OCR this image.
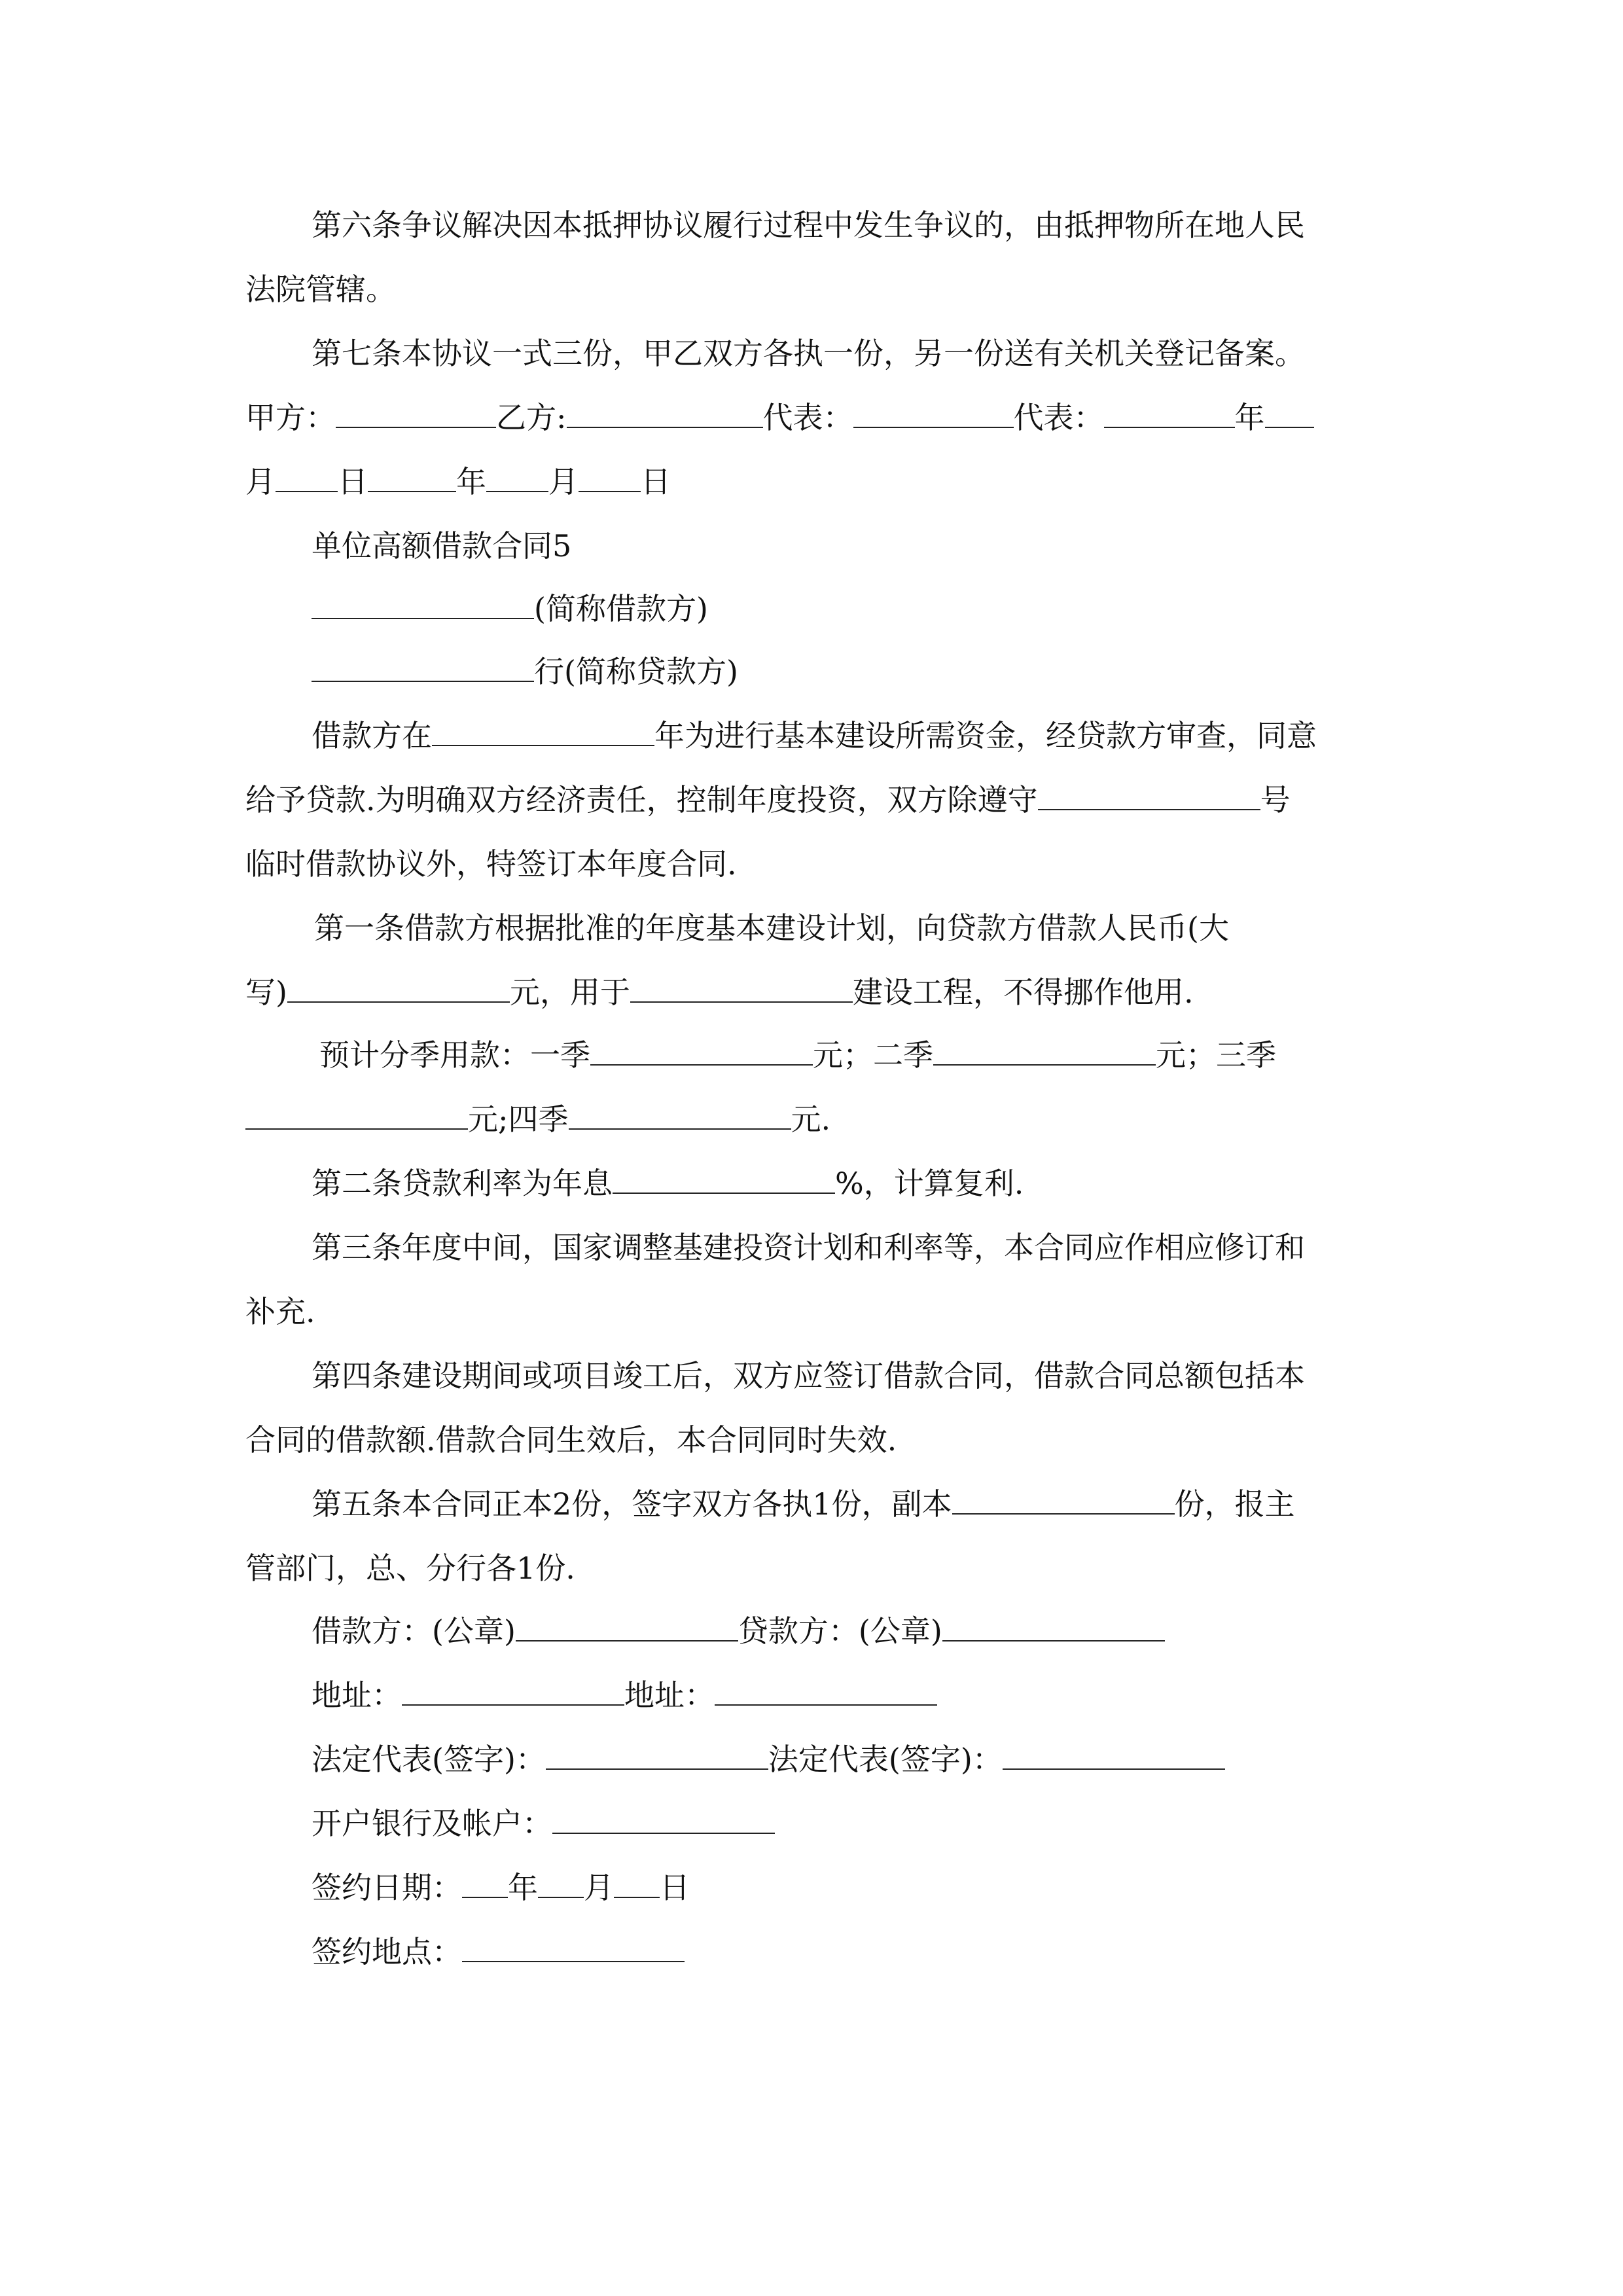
第六条争议解决因本抵押协议履行过程中发生争议的，由抵押物所在地人民
法院管辖。
第七条本协议一式三份，甲乙双方各执一份，另一份送有关机关登记备案。
甲方：	乙方:	代表：	代表：	年
月 日	年 月 日
单位高额借款合同5
(简称借款方)
行(简称贷款方)
借款方在	年为进行基本建设所需资金，经贷款方审查，同意
给予贷款.为明确双方经济责任，控制年度投资，双方除遵守	号
临时借款协议外，特签订本年度合同.
第一条借款方根据批准的年度基本建设计划，向贷款方借款人民币(大
写)	元，用于	建设工程，不得挪作他用.
预计分季用款：一季	元；二季	元；三季
元;四季	元.
第二条贷款利率为年息	%，计算复利.
第三条年度中间，国家调整基建投资计划和利率等，本合同应作相应修订和
补充.
第四条建设期间或项目竣工后，双方应签订借款合同，借款合同总额包括本
合同的借款额.借款合同生效后，本合同同时失效.
第五条本合同正本2份，签字双方各执1份，副本	份，报主
管部门，总、分行各1份.
借款方：(公章)	贷款方：(公章)
地址：	地址：
法定代表(签字)：	法定代表(签字)：
开户银行及帐户：
签约日期： 年 月 日
签约地点：
